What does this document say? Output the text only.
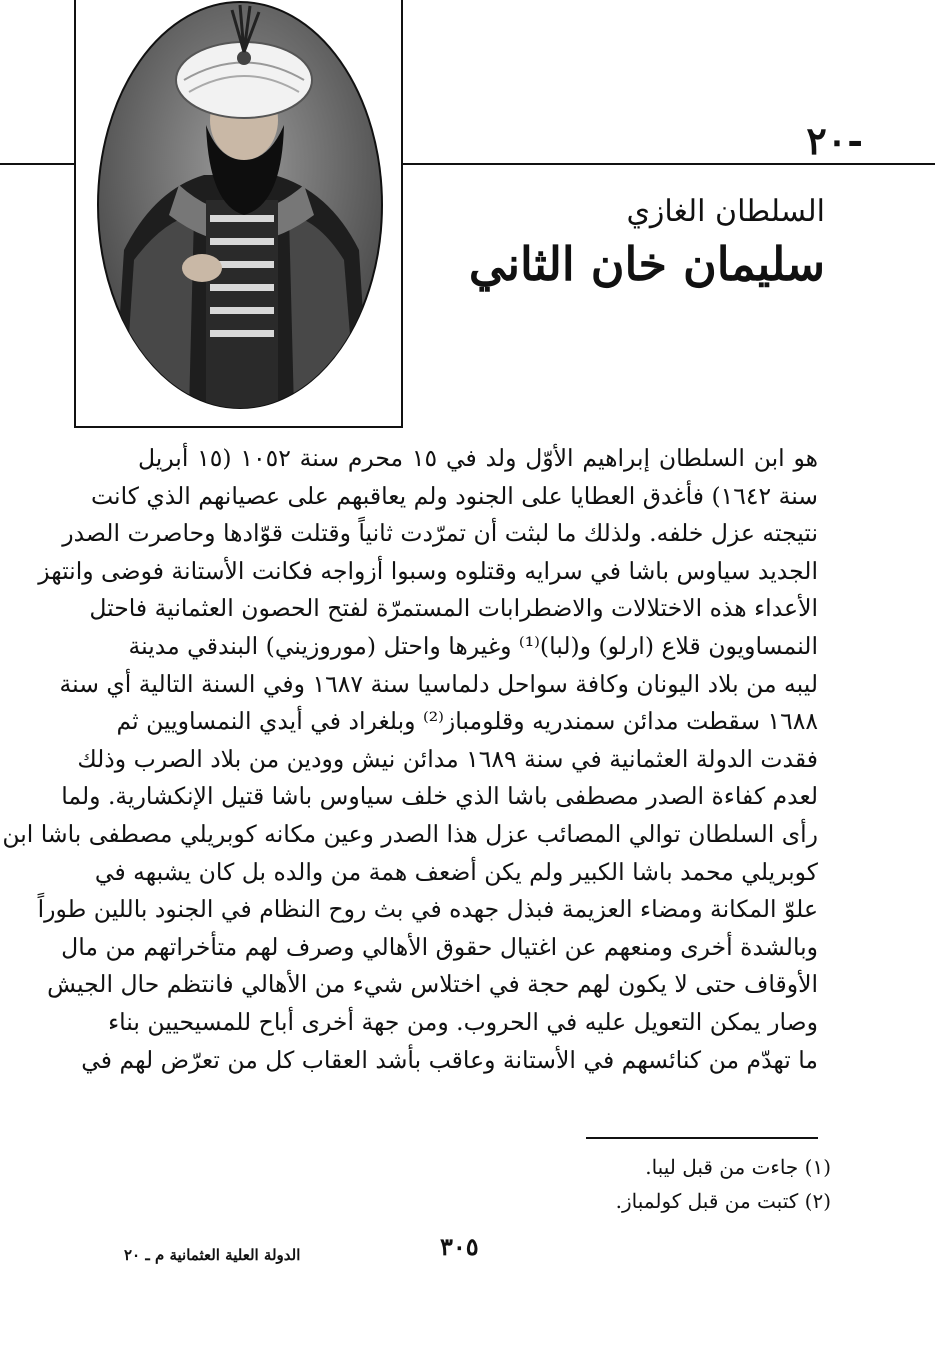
-٢٠
السلطان الغازي
سليمان خان الثاني
هو ابن السلطان إبراهيم الأوّل ولد في ١٥ محرم سنة ١٠٥٢ (١٥ أبريل
سنة ١٦٤٢) فأغدق العطايا على الجنود ولم يعاقبهم على عصيانهم الذي كانت
نتيجته عزل خلفه. ولذلك ما لبثت أن تمرّدت ثانياً وقتلت قوّادها وحاصرت الصدر
الجديد سياوس باشا في سرايه وقتلوه وسبوا أزواجه فكانت الأستانة فوضى وانتهز
الأعداء هذه الاختلالات والاضطرابات المستمرّة لفتح الحصون العثمانية فاحتل
النمساويون قلاع (ارلو) و(لبا)⁽¹⁾ وغيرها واحتل (موروزيني) البندقي مدينة
ليبه من بلاد اليونان وكافة سواحل دلماسيا سنة ١٦٨٧ وفي السنة التالية أي سنة
١٦٨٨ سقطت مدائن سمندريه وقلومباز⁽²⁾ وبلغراد في أيدي النمساويين ثم
فقدت الدولة العثمانية في سنة ١٦٨٩ مدائن نيش وودين من بلاد الصرب وذلك
لعدم كفاءة الصدر مصطفى باشا الذي خلف سياوس باشا قتيل الإنكشارية. ولما
رأى السلطان توالي المصائب عزل هذا الصدر وعين مكانه كوبريلي مصطفى باشا ابن
كوبريلي محمد باشا الكبير ولم يكن أضعف همة من والده بل كان يشبهه في
علوّ المكانة ومضاء العزيمة فبذل جهده في بث روح النظام في الجنود باللين طوراً
وبالشدة أخرى ومنعهم عن اغتيال حقوق الأهالي وصرف لهم متأخراتهم من مال
الأوقاف حتى لا يكون لهم حجة في اختلاس شيء من الأهالي فانتظم حال الجيش
وصار يمكن التعويل عليه في الحروب. ومن جهة أخرى أباح للمسيحيين بناء
ما تهدّم من كنائسهم في الأستانة وعاقب بأشد العقاب كل من تعرّض لهم في
(١) جاءت من قبل ليبا.
(٢) كتبت من قبل كولمباز.
٣٠٥
الدولة العلية العثمانية م ـ ٢٠
